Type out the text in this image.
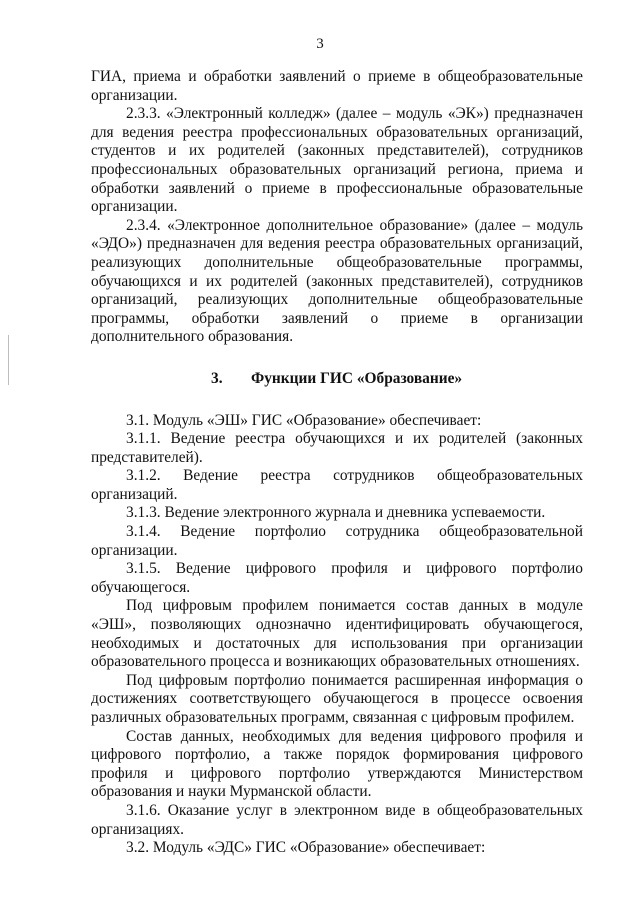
3

ГИА, приема и обработки заявлений о приеме в общеобразовательные организации.

2.3.3. «Электронный колледж» (далее – модуль «ЭК») предназначен для ведения реестра профессиональных образовательных организаций, студентов и их родителей (законных представителей), сотрудников профессиональных образовательных организаций региона, приема и обработки заявлений о приеме в профессиональные образовательные организации.

2.3.4. «Электронное дополнительное образование» (далее – модуль «ЭДО») предназначен для ведения реестра образовательных организаций, реализующих дополнительные общеобразовательные программы, обучающихся и их родителей (законных представителей), сотрудников организаций, реализующих дополнительные общеобразовательные программы, обработки заявлений о приеме в организации дополнительного образования.

3. Функции ГИС «Образование»

3.1. Модуль «ЭШ» ГИС «Образование» обеспечивает:

3.1.1. Ведение реестра обучающихся и их родителей (законных представителей).

3.1.2. Ведение реестра сотрудников общеобразовательных организаций.

3.1.3. Ведение электронного журнала и дневника успеваемости.

3.1.4. Ведение портфолио сотрудника общеобразовательной организации.

3.1.5. Ведение цифрового профиля и цифрового портфолио обучающегося.

Под цифровым профилем понимается состав данных в модуле «ЭШ», позволяющих однозначно идентифицировать обучающегося, необходимых и достаточных для использования при организации образовательного процесса и возникающих образовательных отношениях.

Под цифровым портфолио понимается расширенная информация о достижениях соответствующего обучающегося в процессе освоения различных образовательных программ, связанная с цифровым профилем.

Состав данных, необходимых для ведения цифрового профиля и цифрового портфолио, а также порядок формирования цифрового профиля и цифрового портфолио утверждаются Министерством образования и науки Мурманской области.

3.1.6. Оказание услуг в электронном виде в общеобразовательных организациях.

3.2. Модуль «ЭДС» ГИС «Образование» обеспечивает:
